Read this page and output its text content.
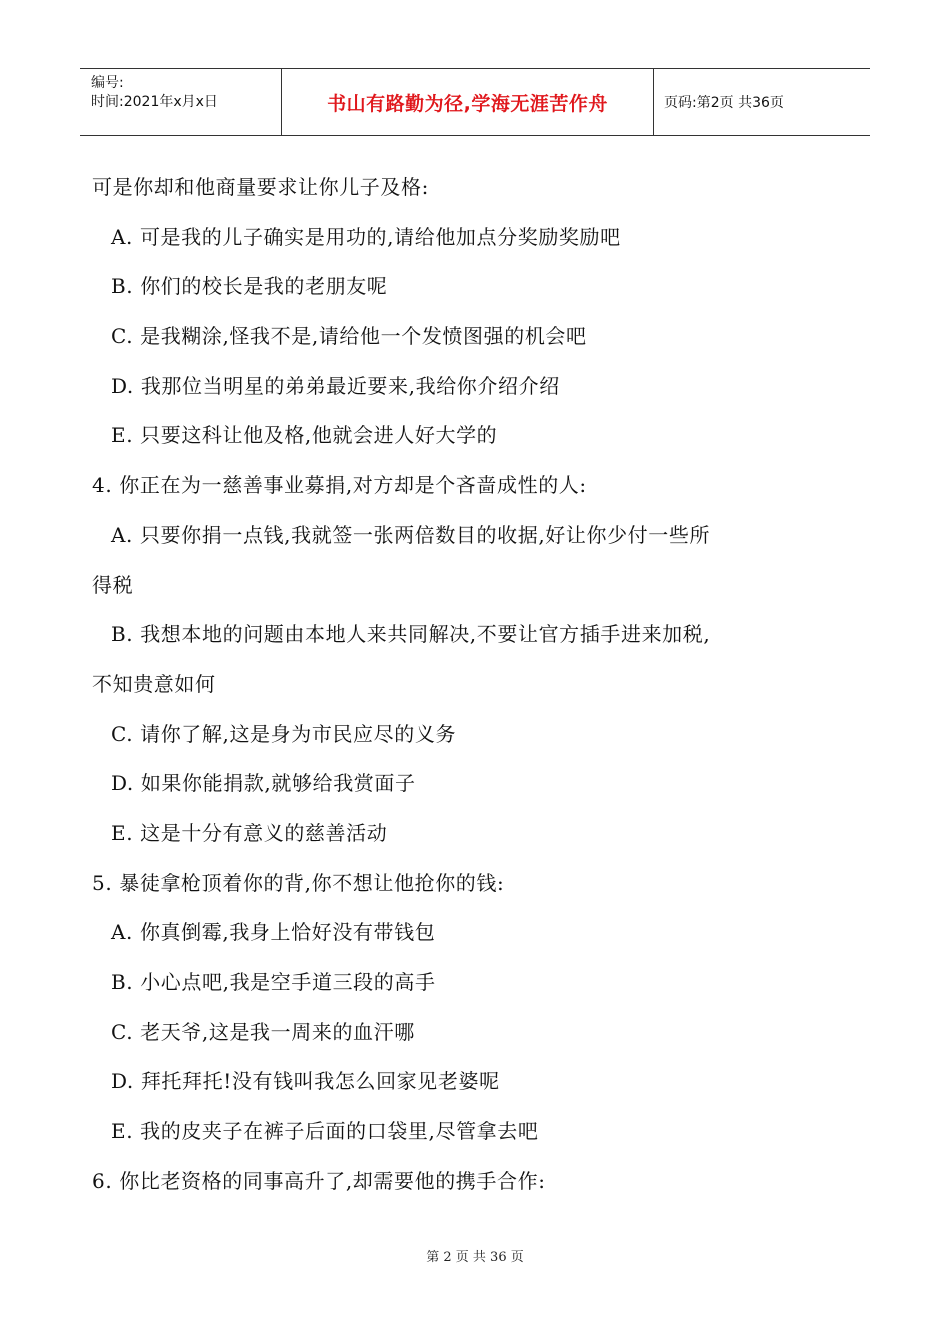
编号:
时间:2021年x月x日	书山有路勤为径,学海无涯苦作舟	页码:第2页 共36页
可是你却和他商量要求让你儿子及格:
A. 可是我的儿子确实是用功的,请给他加点分奖励奖励吧
B. 你们的校长是我的老朋友呢
C. 是我糊涂,怪我不是,请给他一个发愤图强的机会吧
D. 我那位当明星的弟弟最近要来,我给你介绍介绍
E. 只要这科让他及格,他就会进人好大学的
4. 你正在为一慈善事业募捐,对方却是个吝啬成性的人:
A. 只要你捐一点钱,我就签一张两倍数目的收据,好让你少付一些所
得税
B. 我想本地的问题由本地人来共同解决,不要让官方插手进来加税,
不知贵意如何
C. 请你了解,这是身为市民应尽的义务
D. 如果你能捐款,就够给我赏面子
E. 这是十分有意义的慈善活动
5. 暴徒拿枪顶着你的背,你不想让他抢你的钱:
A. 你真倒霉,我身上恰好没有带钱包
B. 小心点吧,我是空手道三段的高手
C. 老天爷,这是我一周来的血汗哪
D. 拜托拜托!没有钱叫我怎么回家见老婆呢
E. 我的皮夹子在裤子后面的口袋里,尽管拿去吧
6. 你比老资格的同事高升了,却需要他的携手合作:
第 2 页 共 36 页
